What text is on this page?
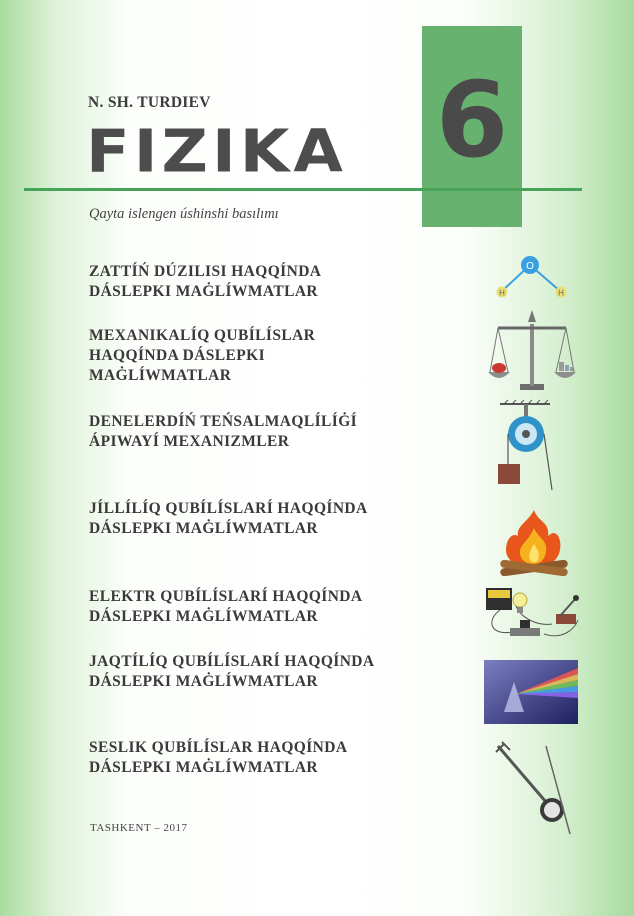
6
N. SH. TURDIEV
FIZIKA
Qayta islengen úshinshi basılımı
ZATTÍŃ DÚZILISI HAQQÍNDA
DÁSLEPKI MAĠLÍWMATLAR
MEXANIKALÍQ QUBÍLÍSLAR
HAQQÍNDA DÁSLEPKI
MAĠLÍWMATLAR
DENELERDÍŃ TEŃSALMAQLÍLÍĠÍ
ÁPIWAYÍ MEXANIZMLER
JÍLLÍLÍQ QUBÍLÍSLARÍ HAQQÍNDA
DÁSLEPKI MAĠLÍWMATLAR
ELEKTR QUBÍLÍSLARÍ HAQQÍNDA
DÁSLEPKI MAĠLÍWMATLAR
JAQTÍLÍQ QUBÍLÍSLARÍ HAQQÍNDA
DÁSLEPKI MAĠLÍWMATLAR
SESLIK QUBÍLÍSLAR HAQQÍNDA
DÁSLEPKI MAĠLÍWMATLAR
O
H	H
TASHKENT – 2017
